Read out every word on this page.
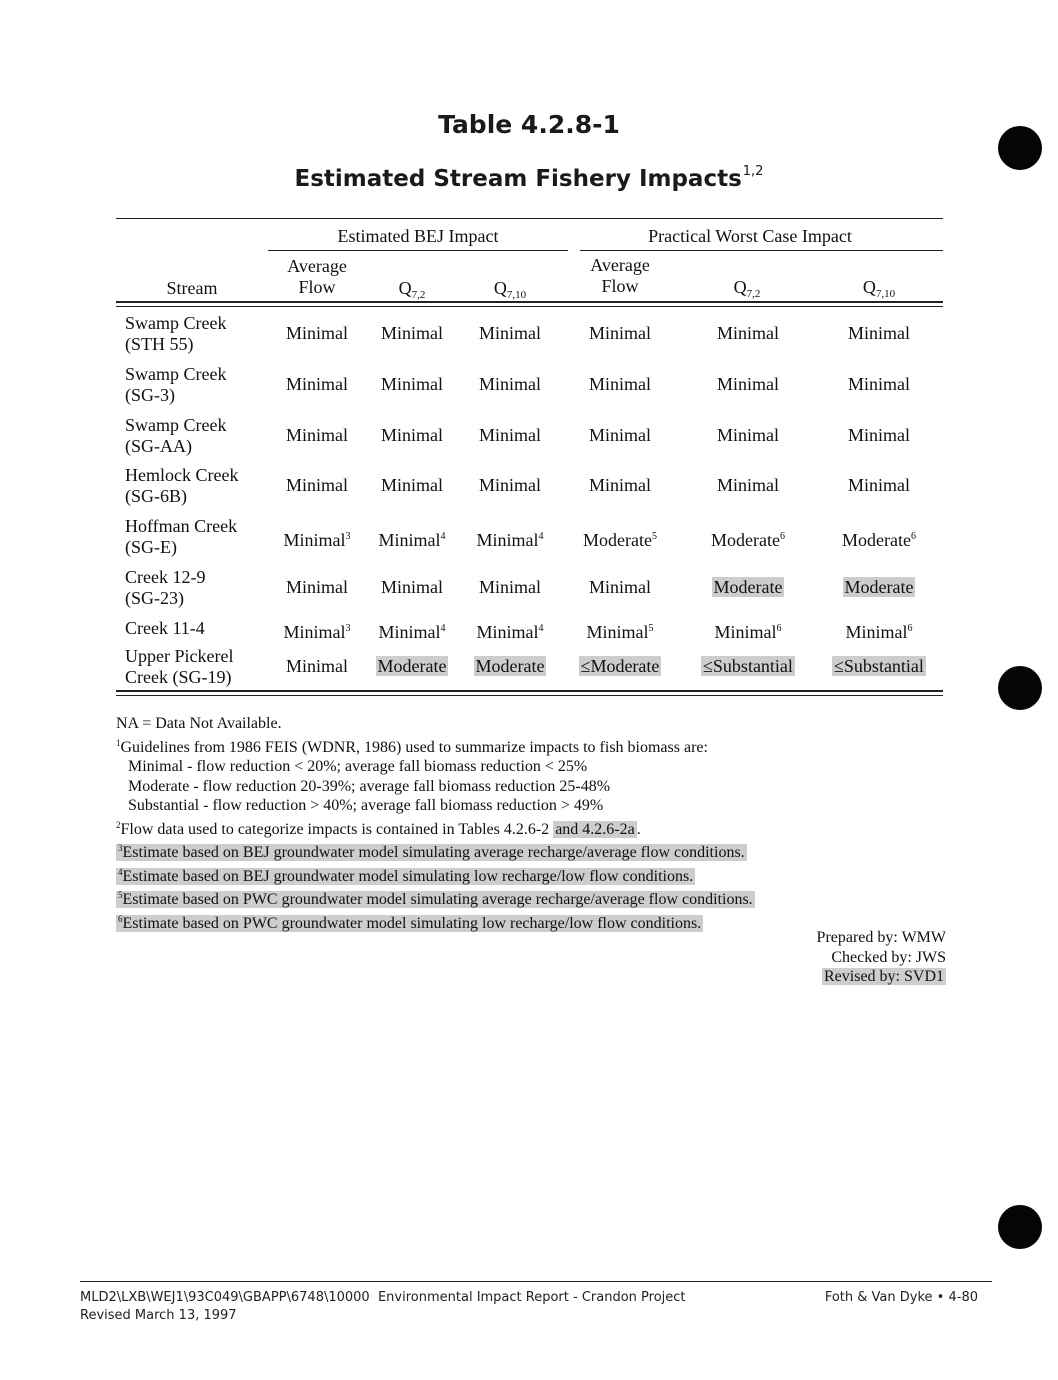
Table 4.2.8-1
Estimated Stream Fishery Impacts$^{1,2}$
Estimated BEJ Impact	Practical Worst Case Impact
Stream
Average
Flow	$Q_{7,2}$	$Q_{7,10}$
Average
Flow	$Q_{7,2}$	$Q_{7,10}$
Swamp Creek
(STH 55)
Minimal	Minimal	Minimal	Minimal	Minimal	Minimal
Swamp Creek
(SG-3)
Minimal	Minimal	Minimal	Minimal	Minimal	Minimal
Swamp Creek
(SG-AA)
Minimal	Minimal	Minimal	Minimal	Minimal	Minimal
Hemlock Creek
(SG-6B)
Minimal	Minimal	Minimal	Minimal	Minimal	Minimal
Hoffman Creek
(SG-E)	Minimal$^3$	Minimal$^4$	Minimal$^4$	Moderate$^5$	Moderate$^6$	Moderate$^6$
Creek 12-9
(SG-23)
Minimal	Minimal	Minimal	Minimal	Moderate	Moderate
Creek 11-4	Minimal$^3$	Minimal$^4$	Minimal$^4$	Minimal$^5$	Minimal$^6$	Minimal$^6$
Upper Pickerel
Creek (SG-19)
Minimal	Moderate	Moderate	≤Moderate	≤Substantial	≤Substantial
NA = Data Not Available.
$^1$Guidelines from 1986 FEIS (WDNR, 1986) used to summarize impacts to fish biomass are:
Minimal - flow reduction < 20%; average fall biomass reduction < 25%
Moderate - flow reduction 20-39%; average fall biomass reduction 25-48%
Substantial - flow reduction > 40%; average fall biomass reduction > 49%
$^2$Flow data used to categorize impacts is contained in Tables 4.2.6-2 and 4.2.6-2a .
$^3$Estimate based on BEJ groundwater model simulating average recharge/average flow conditions.
$^4$Estimate based on BEJ groundwater model simulating low recharge/low flow conditions.
$^5$Estimate based on PWC groundwater model simulating average recharge/average flow conditions.
$^6$Estimate based on PWC groundwater model simulating low recharge/low flow conditions.
Prepared by: WMW
Checked by: JWS
Revised by: SVD1
MLD2\LXB\WEJ1\93C049\GBAPP\6748\10000 Environmental Impact Report - Crandon Project
Revised March 13, 1997
Foth & Van Dyke • 4-80
